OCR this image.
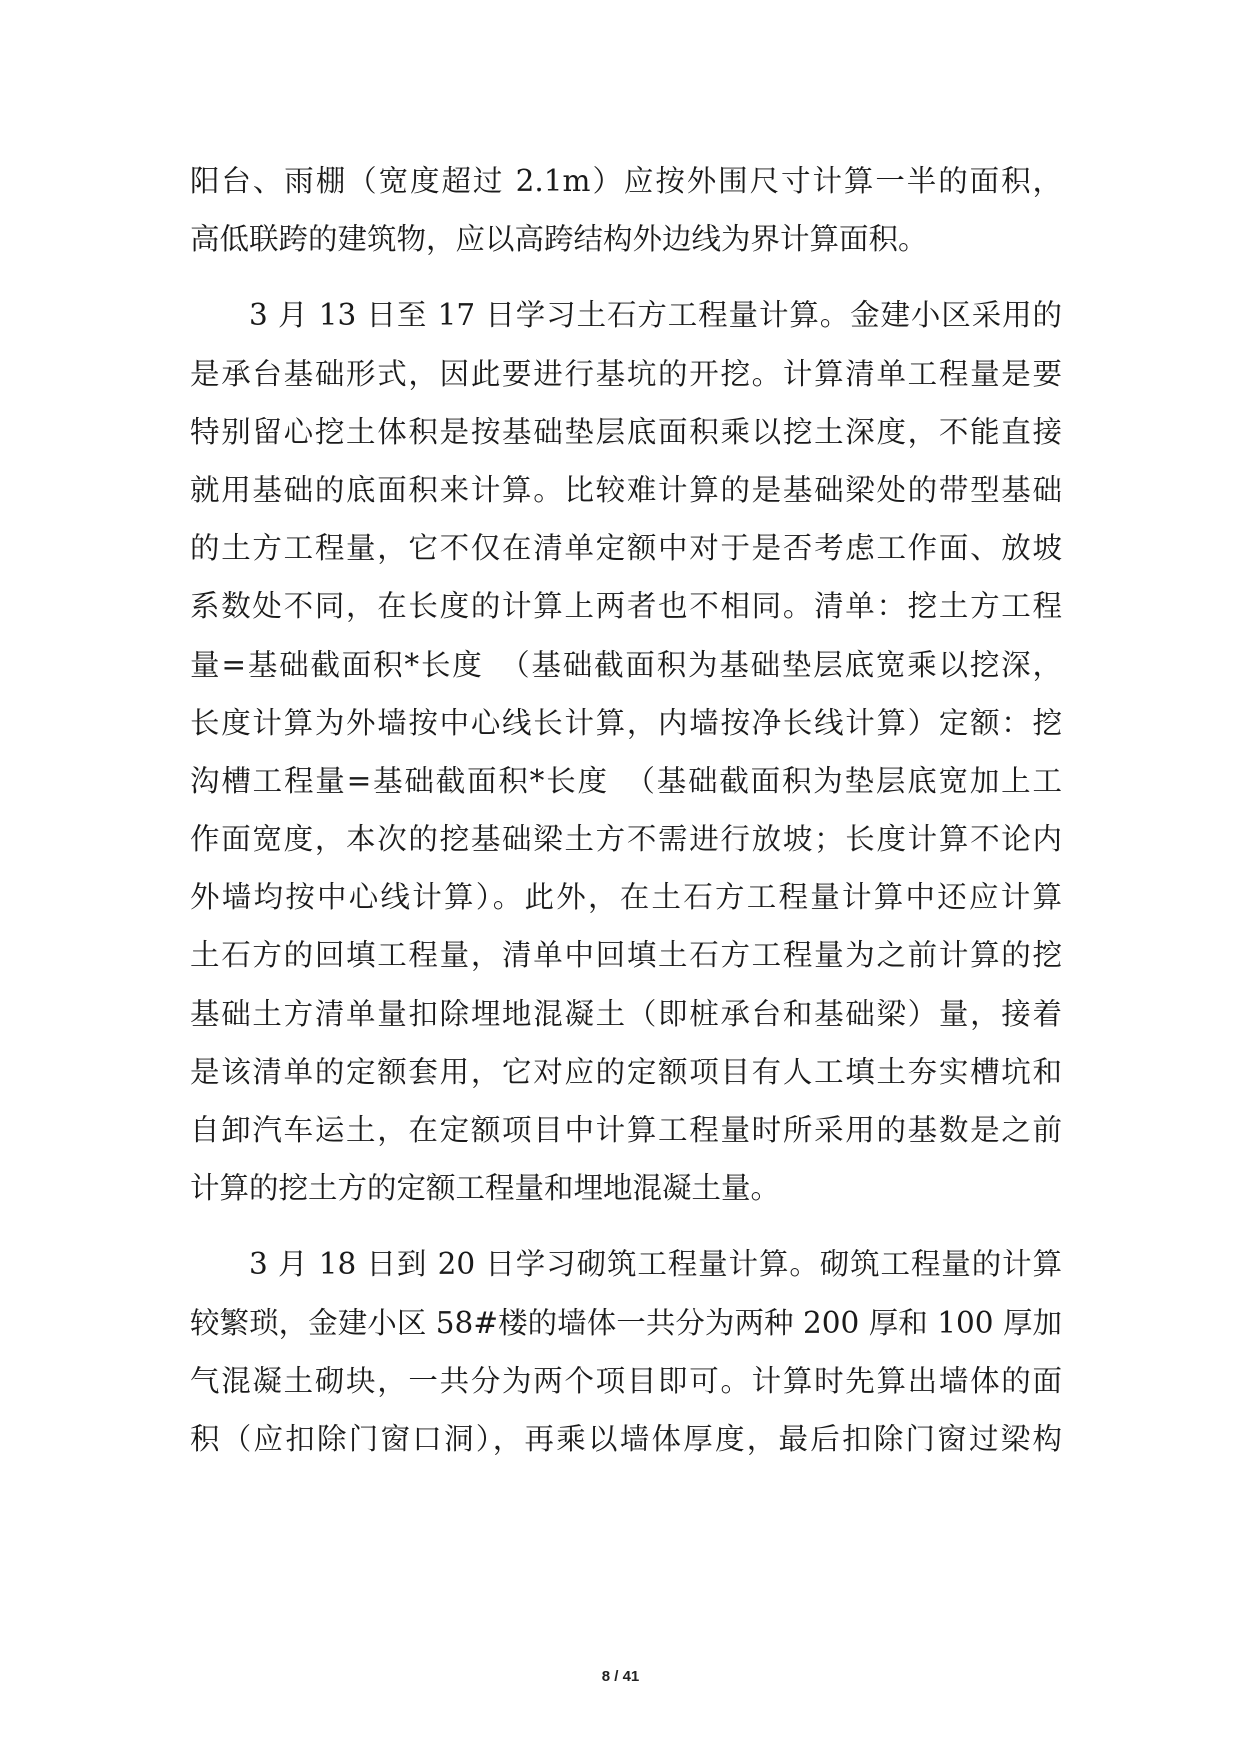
阳台、雨棚（宽度超过 2.1m）应按外围尺寸计算一半的面积，
高低联跨的建筑物，应以高跨结构外边线为界计算面积。
3 月 13 日至 17 日学习土石方工程量计算。金建小区采用的
是承台基础形式，因此要进行基坑的开挖。计算清单工程量是要
特别留心挖土体积是按基础垫层底面积乘以挖土深度，不能直接
就用基础的底面积来计算。比较难计算的是基础梁处的带型基础
的土方工程量，它不仅在清单定额中对于是否考虑工作面、放坡
系数处不同，在长度的计算上两者也不相同。清单：挖土方工程
量=基础截面积*长度　（基础截面积为基础垫层底宽乘以挖深，
长度计算为外墙按中心线长计算，内墙按净长线计算）定额：挖
沟槽工程量=基础截面积*长度　（基础截面积为垫层底宽加上工
作面宽度，本次的挖基础梁土方不需进行放坡；长度计算不论内
外墙均按中心线计算）。此外，在土石方工程量计算中还应计算
土石方的回填工程量，清单中回填土石方工程量为之前计算的挖
基础土方清单量扣除埋地混凝土（即桩承台和基础梁）量，接着
是该清单的定额套用，它对应的定额项目有人工填土夯实槽坑和
自卸汽车运土，在定额项目中计算工程量时所采用的基数是之前
计算的挖土方的定额工程量和埋地混凝土量。
3 月 18 日到 20 日学习砌筑工程量计算。砌筑工程量的计算
较繁琐，金建小区 58#楼的墙体一共分为两种 200 厚和 100 厚加
气混凝土砌块，一共分为两个项目即可。计算时先算出墙体的面
积（应扣除门窗口洞），再乘以墙体厚度，最后扣除门窗过梁构
8 / 41
